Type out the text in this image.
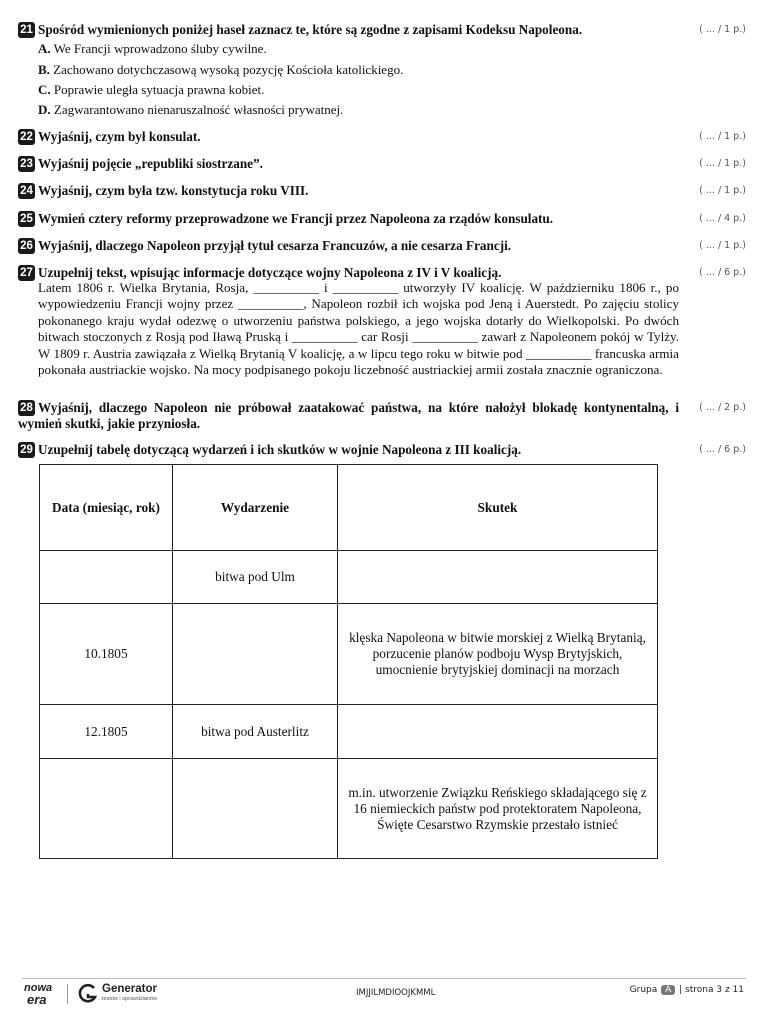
21 Spośród wymienionych poniżej haseł zaznacz te, które są zgodne z zapisami Kodeksu Napoleona.	( ... / 1 p.)
A. We Francji wprowadzono śluby cywilne.
B. Zachowano dotychczasową wysoką pozycję Kościoła katolickiego.
C. Poprawie uległa sytuacja prawna kobiet.
D. Zagwarantowano nienaruszalność własności prywatnej.
22 Wyjaśnij, czym był konsulat.	( ... / 1 p.)
23 Wyjaśnij pojęcie „republiki siostrzane”.	( ... / 1 p.)
24 Wyjaśnij, czym była tzw. konstytucja roku VIII.	( ... / 1 p.)
25 Wymień cztery reformy przeprowadzone we Francji przez Napoleona za rządów konsulatu.	( ... / 4 p.)
26 Wyjaśnij, dlaczego Napoleon przyjął tytuł cesarza Francuzów, a nie cesarza Francji.	( ... / 1 p.)
27 Uzupełnij tekst, wpisując informacje dotyczące wojny Napoleona z IV i V koalicją.	( ... / 6 p.)
Latem 1806 r. Wielka Brytania, Rosja, __________ i __________ utworzyły IV koalicję. W październiku 1806 r., po wypowiedzeniu Francji wojny przez __________, Napoleon rozbił ich wojska pod Jeną i Auerstedt. Po zajęciu stolicy pokonanego kraju wydał odezwę o utworzeniu państwa polskiego, a jego wojska dotarły do Wielkopolski. Po dwóch bitwach stoczonych z Rosją pod Iławą Pruską i __________ car Rosji __________ zawarł z Napoleonem pokój w Tylży. W 1809 r. Austria zawiązała z Wielką Brytanią V koalicję, a w lipcu tego roku w bitwie pod __________ francuska armia pokonała austriackie wojsko. Na mocy podpisanego pokoju liczebność austriackiej armii została znacznie ograniczona.
28 Wyjaśnij, dlaczego Napoleon nie próbował zaatakować państwa, na które nałożył blokadę kontynentalną, i wymień skutki, jakie przyniosła.
( ... / 2 p.)
29 Uzupełnij tabelę dotyczącą wydarzeń i ich skutków w wojnie Napoleona z III koalicją.	( ... / 6 p.)
Data (miesiąc, rok)	Wydarzenie	Skutek
	bitwa pod Ulm	
10.1805		klęska Napoleona w bitwie morskiej z Wielką Brytanią, porzucenie planów podboju Wysp Brytyjskich, umocnienie brytyjskiej dominacji na morzach
12.1805	bitwa pod Austerlitz	
		m.in. utworzenie Związku Reńskiego składającego się z 16 niemieckich państw pod protektoratem Napoleona, Święte Cesarstwo Rzymskie przestało istnieć
nowa
era
Generator
testów i sprawdzianów
IMJJILMDIOOJKMML	Grupa A | strona 3 z 11
